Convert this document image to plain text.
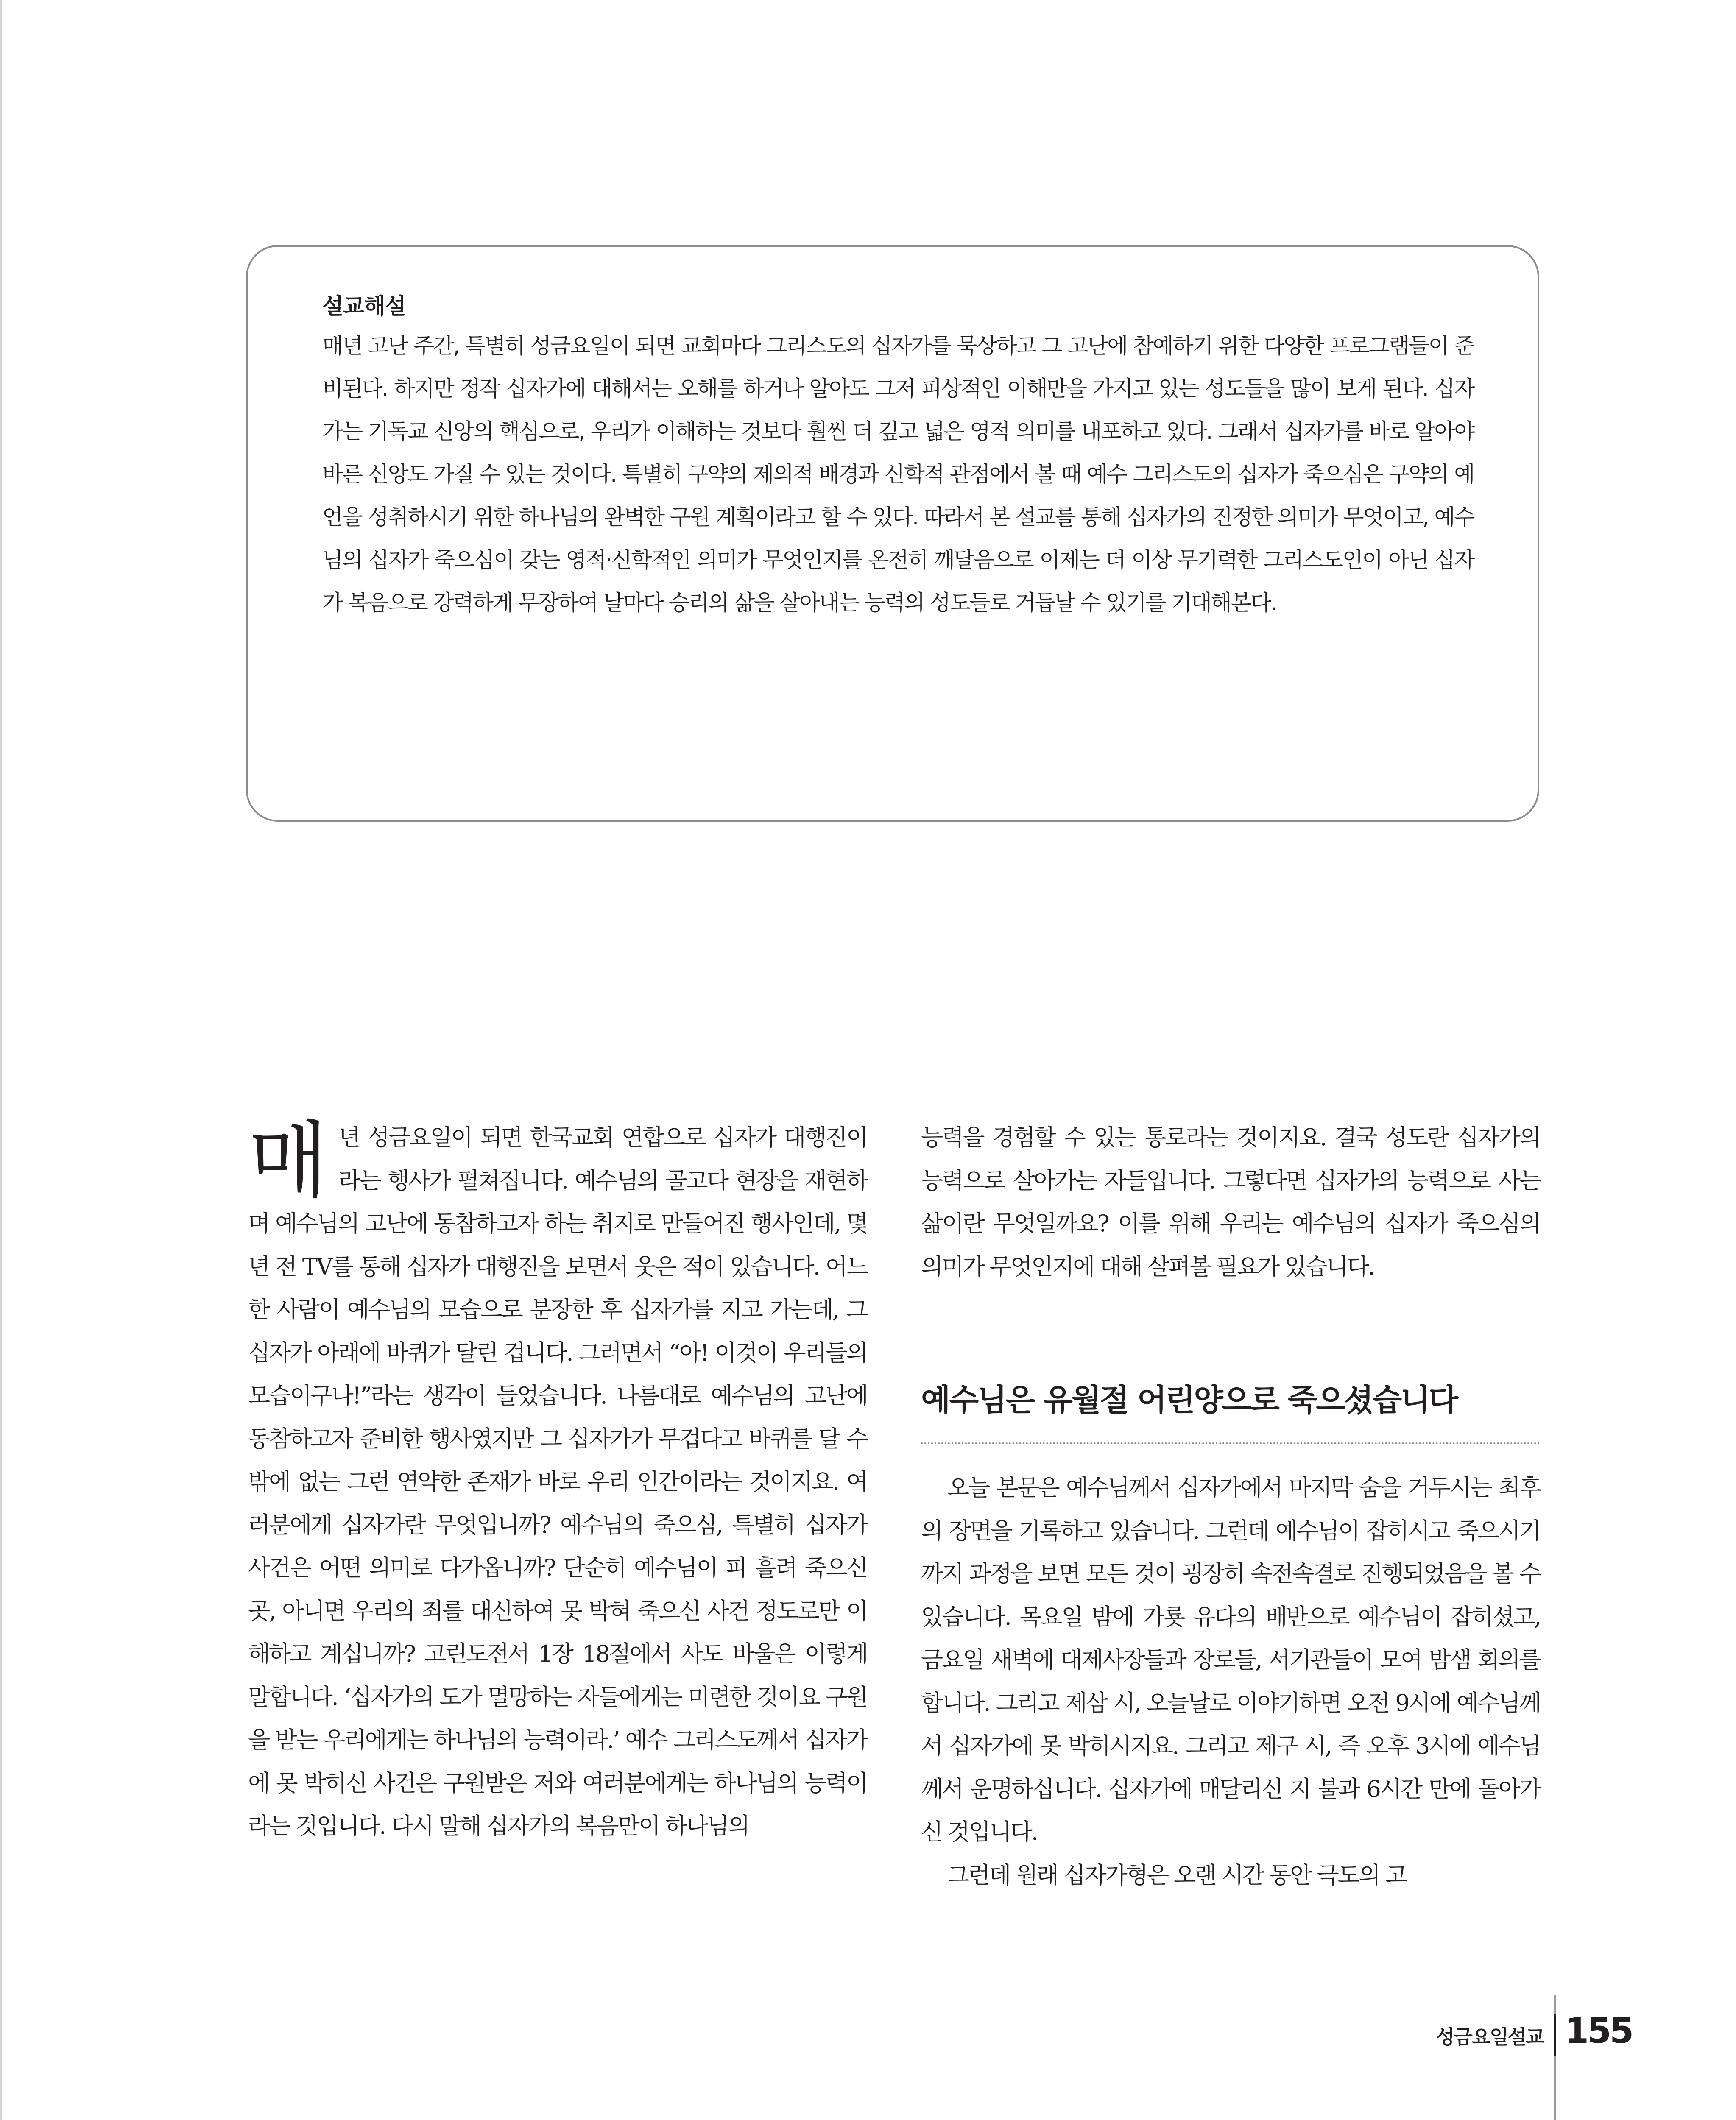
설교해설

매년 고난 주간, 특별히 성금요일이 되면 교회마다 그리스도의 십자가를 묵상하고 그 고난에 참예하기 위한 다양한 프로그램들이 준비된다. 하지만 정작 십자가에 대해서는 오해를 하거나 알아도 그저 피상적인 이해만을 가지고 있는 성도들을 많이 보게 된다. 십자가는 기독교 신앙의 핵심으로, 우리가 이해하는 것보다 훨씬 더 깊고 넓은 영적 의미를 내포하고 있다. 그래서 십자가를 바로 알아야 바른 신앙도 가질 수 있는 것이다. 특별히 구약의 제의적 배경과 신학적 관점에서 볼 때 예수 그리스도의 십자가 죽으심은 구약의 예언을 성취하시기 위한 하나님의 완벽한 구원 계획이라고 할 수 있다. 따라서 본 설교를 통해 십자가의 진정한 의미가 무엇이고, 예수님의 십자가 죽으심이 갖는 영적·신학적인 의미가 무엇인지를 온전히 깨달음으로 이제는 더 이상 무기력한 그리스도인이 아닌 십자가 복음으로 강력하게 무장하여 날마다 승리의 삶을 살아내는 능력의 성도들로 거듭날 수 있기를 기대해본다.

매 년 성금요일이 되면 한국교회 연합으로 십자가 대행진이라는 행사가 펼쳐집니다. 예수님의 골고다 현장을 재현하며 예수님의 고난에 동참하고자 하는 취지로 만들어진 행사인데, 몇 년 전 TV를 통해 십자가 대행진을 보면서 웃은 적이 있습니다. 어느 한 사람이 예수님의 모습으로 분장한 후 십자가를 지고 가는데, 그 십자가 아래에 바퀴가 달린 겁니다. 그러면서 “아! 이것이 우리들의 모습이구나!”라는 생각이 들었습니다. 나름대로 예수님의 고난에 동참하고자 준비한 행사였지만 그 십자가가 무겁다고 바퀴를 달 수밖에 없는 그런 연약한 존재가 바로 우리 인간이라는 것이지요. 여러분에게 십자가란 무엇입니까? 예수님의 죽으심, 특별히 십자가 사건은 어떤 의미로 다가옵니까? 단순히 예수님이 피 흘려 죽으신 곳, 아니면 우리의 죄를 대신하여 못 박혀 죽으신 사건 정도로만 이해하고 계십니까? 고린도전서 1장 18절에서 사도 바울은 이렇게 말합니다. ‘십자가의 도가 멸망하는 자들에게는 미련한 것이요 구원을 받는 우리에게는 하나님의 능력이라.’ 예수 그리스도께서 십자가에 못 박히신 사건은 구원받은 저와 여러분에게는 하나님의 능력이라는 것입니다. 다시 말해 십자가의 복음만이 하나님의

능력을 경험할 수 있는 통로라는 것이지요. 결국 성도란 십자가의 능력으로 살아가는 자들입니다. 그렇다면 십자가의 능력으로 사는 삶이란 무엇일까요? 이를 위해 우리는 예수님의 십자가 죽으심의 의미가 무엇인지에 대해 살펴볼 필요가 있습니다.

예수님은 유월절 어린양으로 죽으셨습니다

오늘 본문은 예수님께서 십자가에서 마지막 숨을 거두시는 최후의 장면을 기록하고 있습니다. 그런데 예수님이 잡히시고 죽으시기까지 과정을 보면 모든 것이 굉장히 속전속결로 진행되었음을 볼 수 있습니다. 목요일 밤에 가룟 유다의 배반으로 예수님이 잡히셨고, 금요일 새벽에 대제사장들과 장로들, 서기관들이 모여 밤샘 회의를 합니다. 그리고 제삼 시, 오늘날로 이야기하면 오전 9시에 예수님께서 십자가에 못 박히시지요. 그리고 제구 시, 즉 오후 3시에 예수님께서 운명하십니다. 십자가에 매달리신 지 불과 6시간 만에 돌아가신 것입니다.

그런데 원래 십자가형은 오랜 시간 동안 극도의 고

성금요일설교 155
